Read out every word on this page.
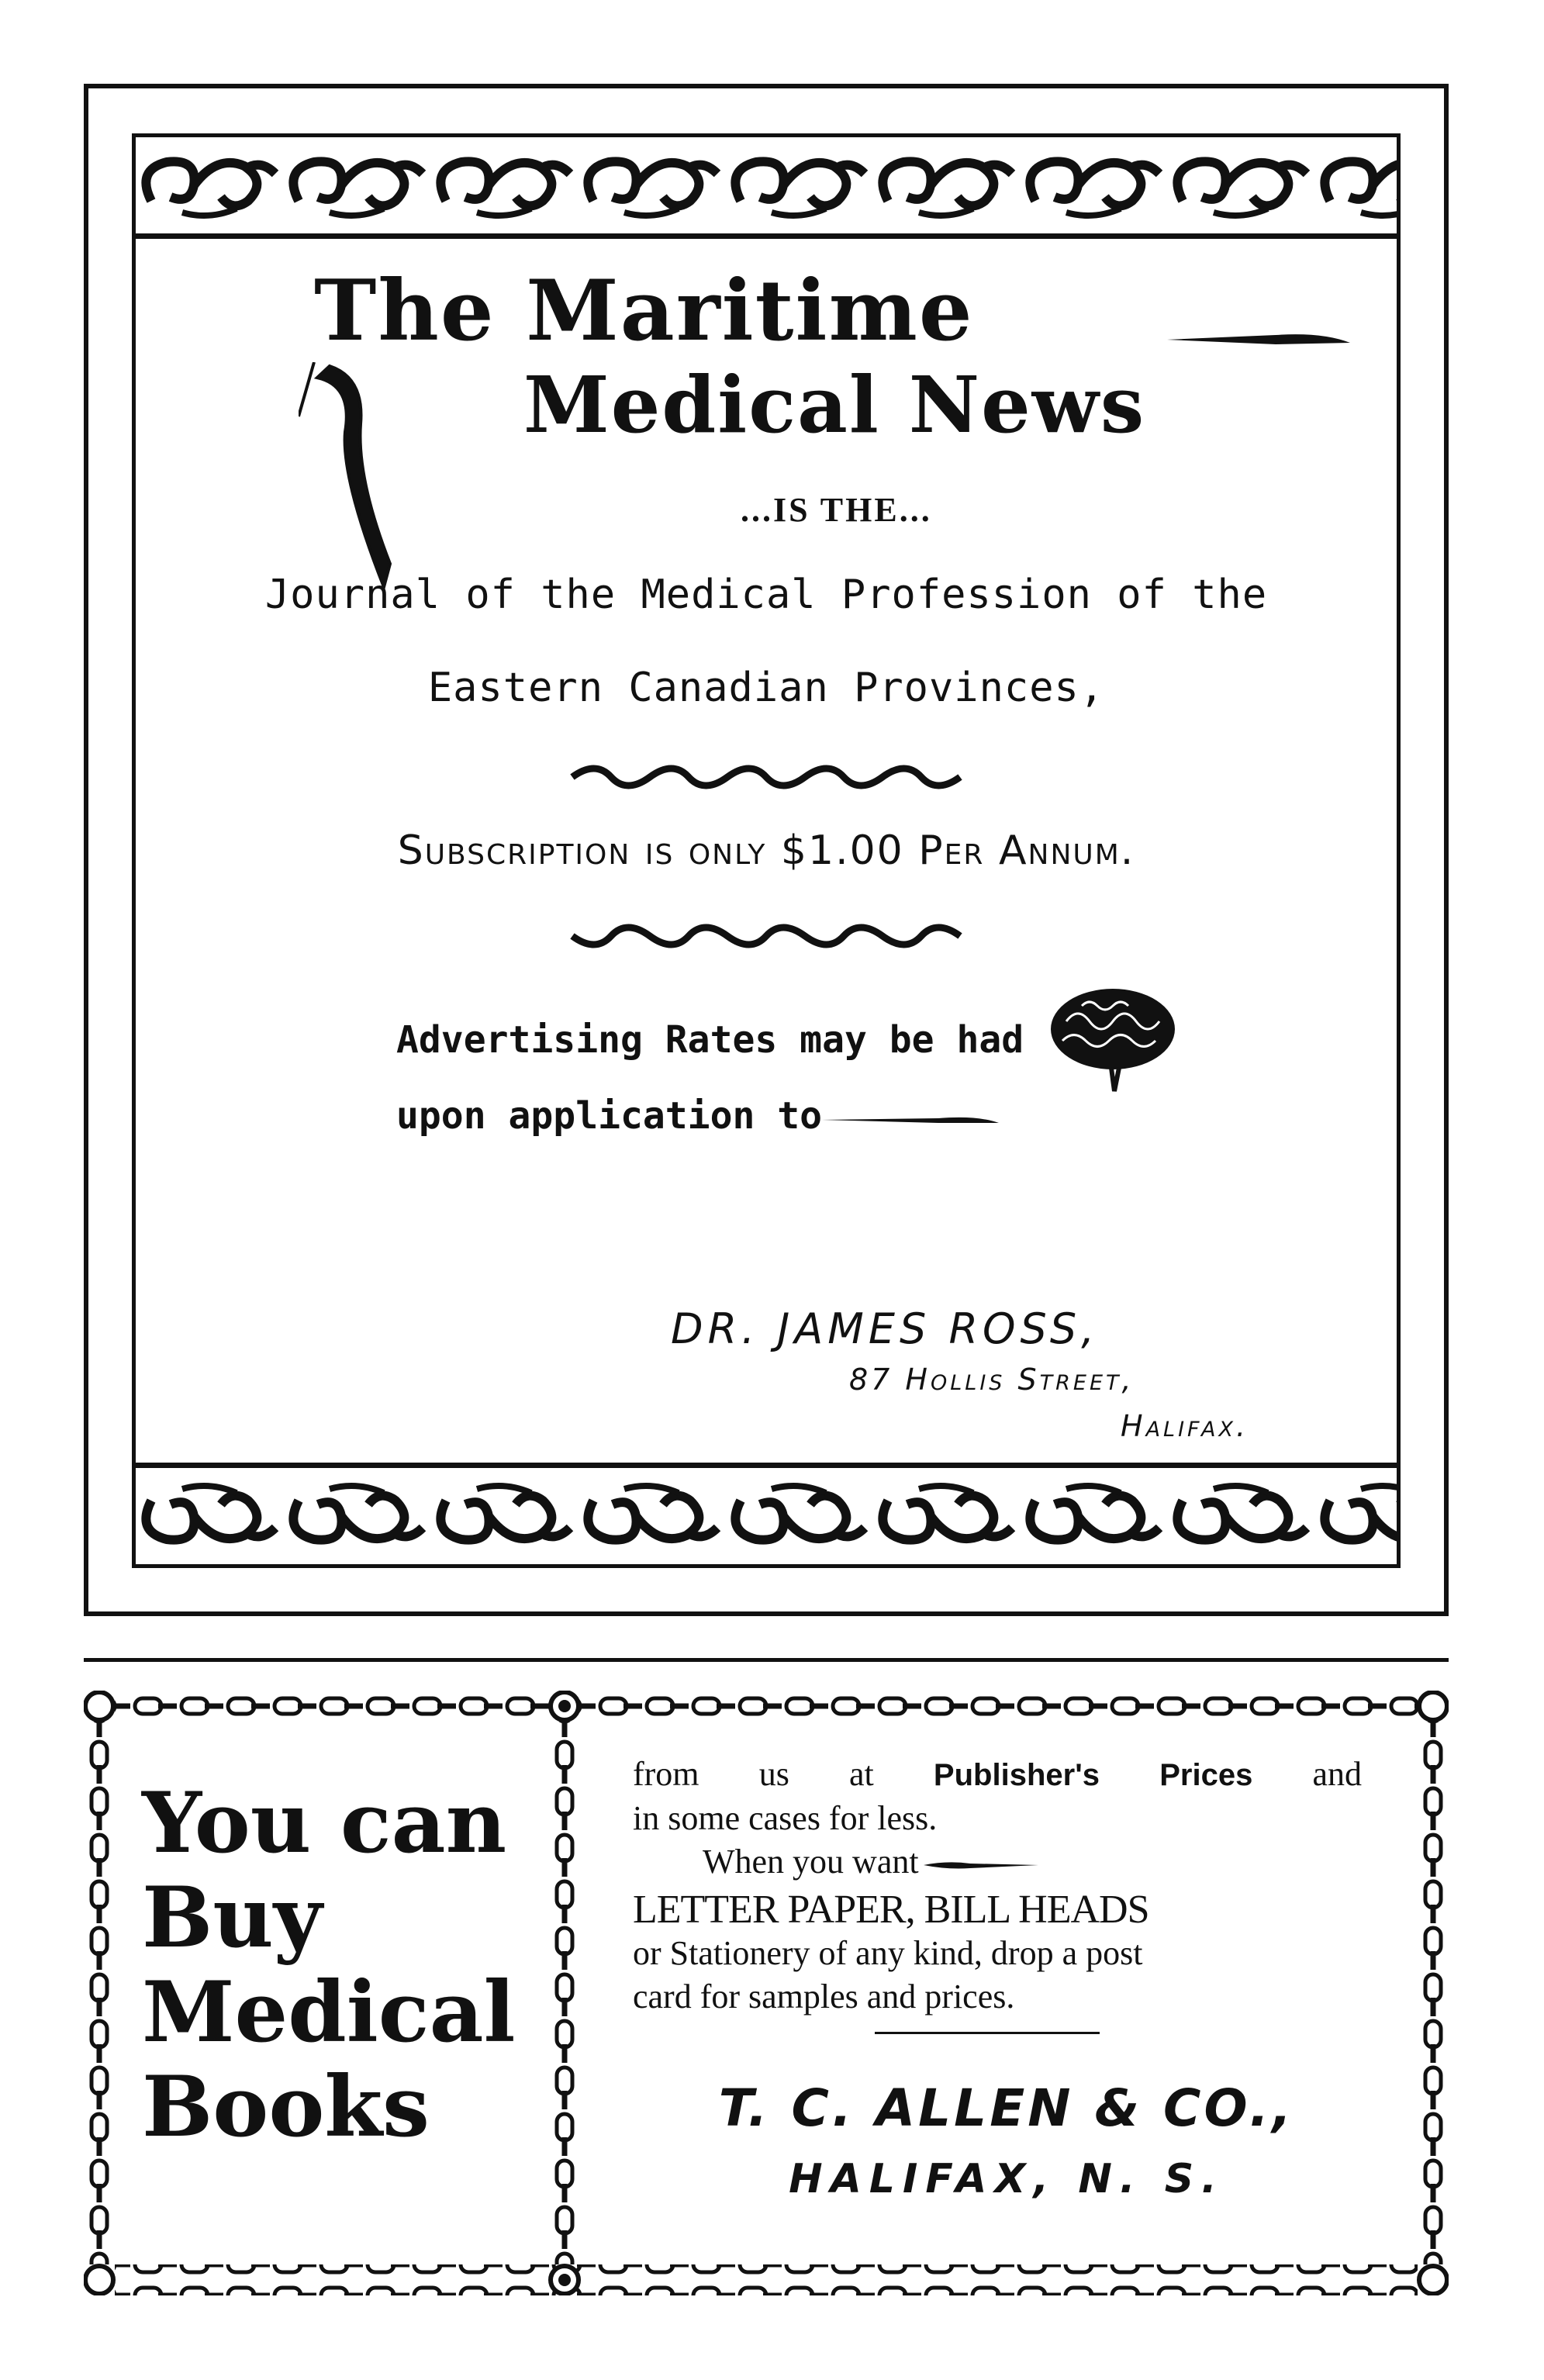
The Maritime
Medical News
...IS THE...
Journal of the Medical Profession of the
Eastern Canadian Provinces,
Subscription is only $1.00 Per Annum.
Advertising Rates may be had
upon application to
DR. JAMES ROSS,
87 Hollis Street,
Halifax.
You can
Buy
Medical
Books
from us at Publisher's Prices and
in some cases for less.
When you want
LETTER PAPER, BILL HEADS
or Stationery of any kind, drop a post
card for samples and prices.
T. C. ALLEN & CO.,
HALIFAX, N. S.
